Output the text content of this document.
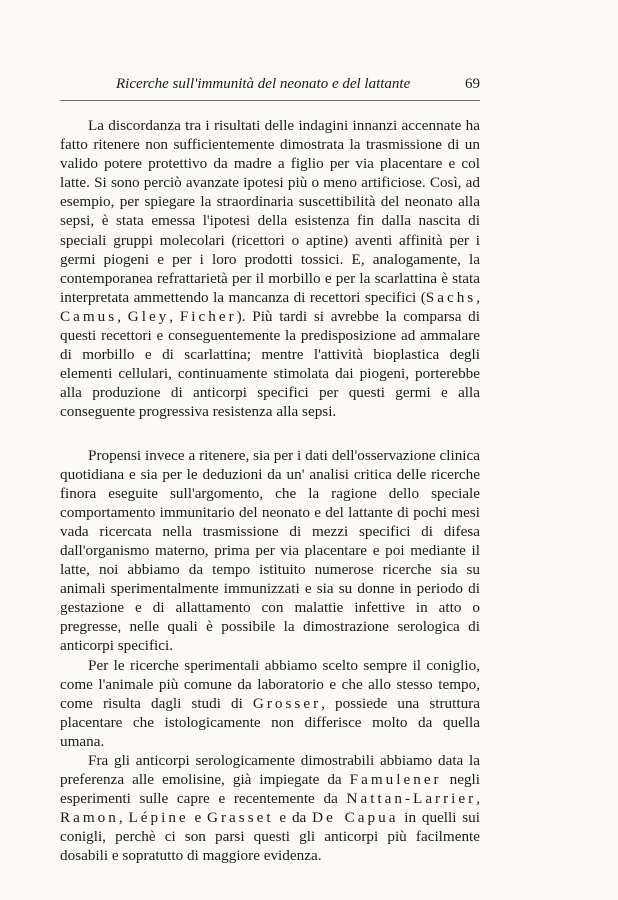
Ricerche sull'immunità del neonato e del lattante	69

La discordanza tra i risultati delle indagini innanzi accennate ha fatto ritenere non sufficientemente dimostrata la trasmissione di un valido potere protettivo da madre a figlio per via placentare e col latte. Si sono perciò avanzate ipotesi più o meno artificiose. Così, ad esempio, per spiegare la straordinaria suscettibilità del neonato alla sepsi, è stata emessa l'ipotesi della esistenza fin dalla nascita di speciali gruppi molecolari (ricettori o aptine) aventi affinità per i germi piogeni e per i loro prodotti tossici. E, analogamente, la contemporanea refrattarietà per il morbillo e per la scarlattina è stata interpretata ammettendo la mancanza di recettori specifici (Sachs, Camus, Gley, Ficher). Più tardi si avrebbe la comparsa di questi recettori e conseguentemente la predisposizione ad ammalare di morbillo e di scarlattina; mentre l'attività bioplastica degli elementi cellulari, continuamente stimolata dai piogeni, porterebbe alla produzione di anticorpi specifici per questi germi e alla conseguente progressiva resistenza alla sepsi.

Propensi invece a ritenere, sia per i dati dell'osservazione clinica quotidiana e sia per le deduzioni da un' analisi critica delle ricerche finora eseguite sull'argomento, che la ragione dello speciale comportamento immunitario del neonato e del lattante di pochi mesi vada ricercata nella trasmissione di mezzi specifici di difesa dall'organismo materno, prima per via placentare e poi mediante il latte, noi abbiamo da tempo istituito numerose ricerche sia su animali sperimentalmente immunizzati e sia su donne in periodo di gestazione e di allattamento con malattie infettive in atto o pregresse, nelle quali è possibile la dimostrazione serologica di anticorpi specifici.

Per le ricerche sperimentali abbiamo scelto sempre il coniglio, come l'animale più comune da laboratorio e che allo stesso tempo, come risulta dagli studi di Grosser, possiede una struttura placentare che istologicamente non differisce molto da quella umana.

Fra gli anticorpi serologicamente dimostrabili abbiamo data la preferenza alle emolisine, già impiegate da Famulener negli esperimenti sulle capre e recentemente da Nattan-Larrier, Ramon, Lépine e Grasset e da De Capua in quelli sui conigli, perchè ci son parsi questi gli anticorpi più facilmente dosabili e sopratutto di maggiore evidenza.
